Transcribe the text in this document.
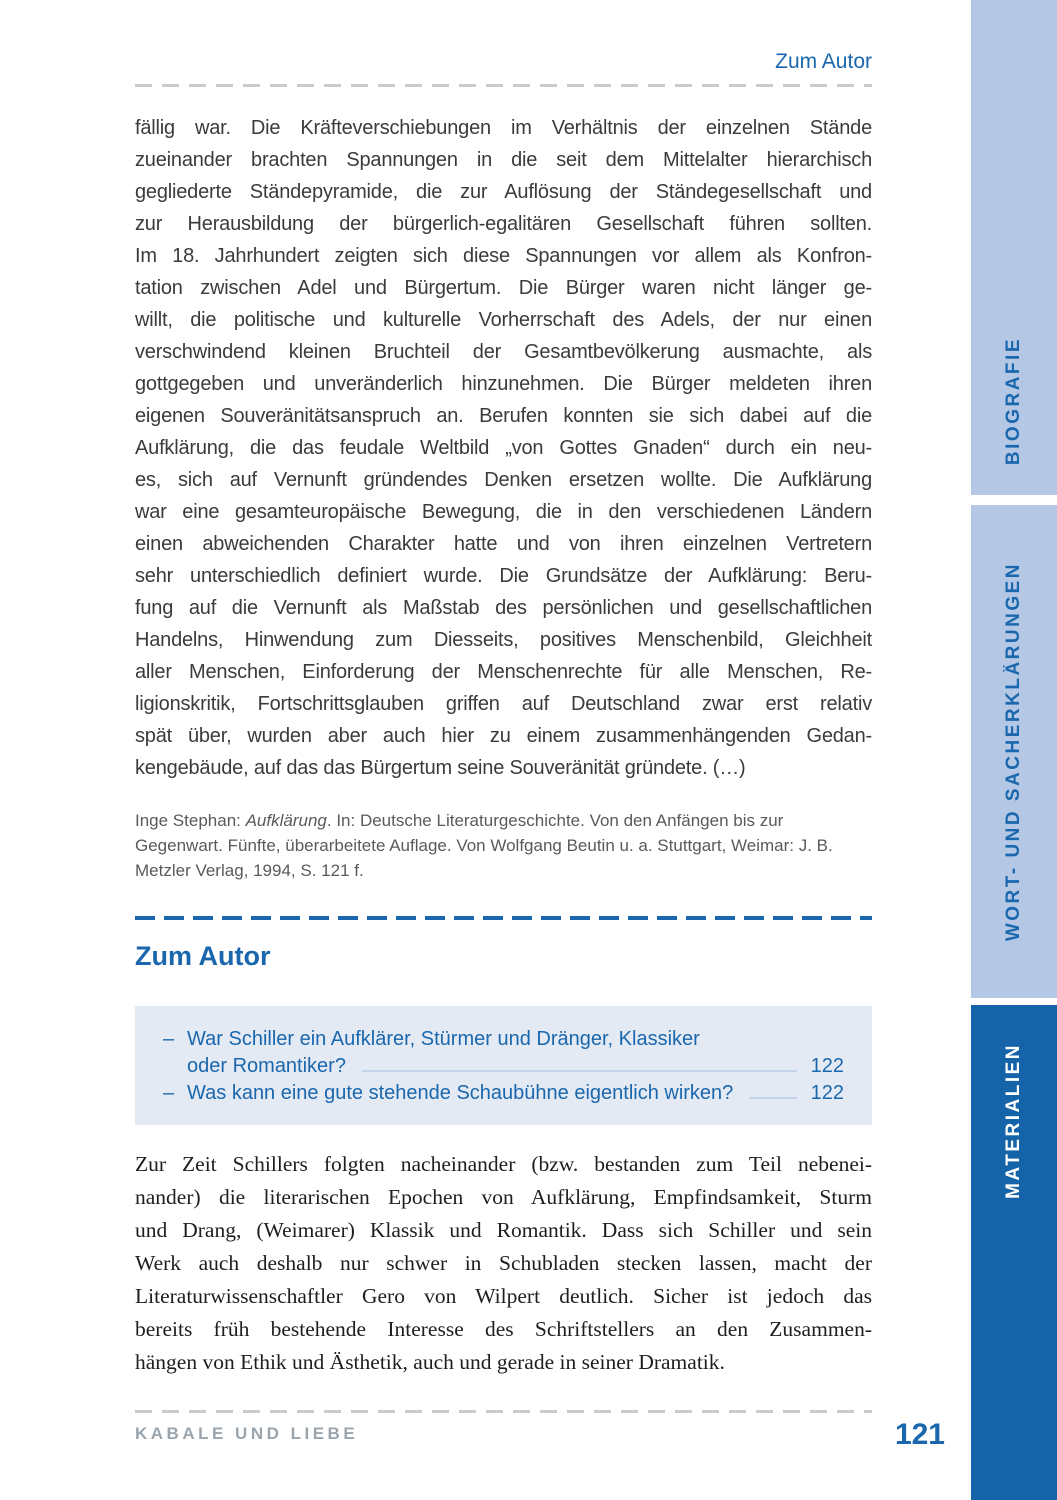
Zum Autor
fällig war. Die Kräfteverschiebungen im Verhältnis der einzelnen Stände
zueinander brachten Spannungen in die seit dem Mittelalter hierarchisch
gegliederte Ständepyramide, die zur Auflösung der Ständegesellschaft und
zur Herausbildung der bürgerlich-egalitären Gesellschaft führen sollten.
Im 18. Jahrhundert zeigten sich diese Spannungen vor allem als Konfron-
tation zwischen Adel und Bürgertum. Die Bürger waren nicht länger ge-
willt, die politische und kulturelle Vorherrschaft des Adels, der nur einen
verschwindend kleinen Bruchteil der Gesamtbevölkerung ausmachte, als
gottgegeben und unveränderlich hinzunehmen. Die Bürger meldeten ihren
eigenen Souveränitätsanspruch an. Berufen konnten sie sich dabei auf die
Aufklärung, die das feudale Weltbild „von Gottes Gnaden“ durch ein neu-
es, sich auf Vernunft gründendes Denken ersetzen wollte. Die Aufklärung
war eine gesamteuropäische Bewegung, die in den verschiedenen Ländern
einen abweichenden Charakter hatte und von ihren einzelnen Vertretern
sehr unterschiedlich definiert wurde. Die Grundsätze der Aufklärung: Beru-
fung auf die Vernunft als Maßstab des persönlichen und gesellschaftlichen
Handelns, Hinwendung zum Diesseits, positives Menschenbild, Gleichheit
aller Menschen, Einforderung der Menschenrechte für alle Menschen, Re-
ligionskritik, Fortschrittsglauben griffen auf Deutschland zwar erst relativ
spät über, wurden aber auch hier zu einem zusammenhängenden Gedan-
kengebäude, auf das das Bürgertum seine Souveränität gründete. (…)
Inge Stephan: Aufklärung. In: Deutsche Literaturgeschichte. Von den Anfängen bis zur Gegenwart. Fünfte, überarbeitete Auflage. Von Wolfgang Beutin u. a. Stuttgart, Weimar: J. B. Metzler Verlag, 1994, S. 121 f.
Zum Autor
– War Schiller ein Aufklärer, Stürmer und Dränger, Klassiker
oder Romantiker?	122
– Was kann eine gute stehende Schaubühne eigentlich wirken?	122
Zur Zeit Schillers folgten nacheinander (bzw. bestanden zum Teil nebenei-
nander) die literarischen Epochen von Aufklärung, Empfindsamkeit, Sturm
und Drang, (Weimarer) Klassik und Romantik. Dass sich Schiller und sein
Werk auch deshalb nur schwer in Schubladen stecken lassen, macht der
Literaturwissenschaftler Gero von Wilpert deutlich. Sicher ist jedoch das
bereits früh bestehende Interesse des Schriftstellers an den Zusammen-
hängen von Ethik und Ästhetik, auch und gerade in seiner Dramatik.
KABALE UND LIEBE	121
BIOGRAFIE
WORT- UND SACHERKLÄRUNGEN
MATERIALIEN
